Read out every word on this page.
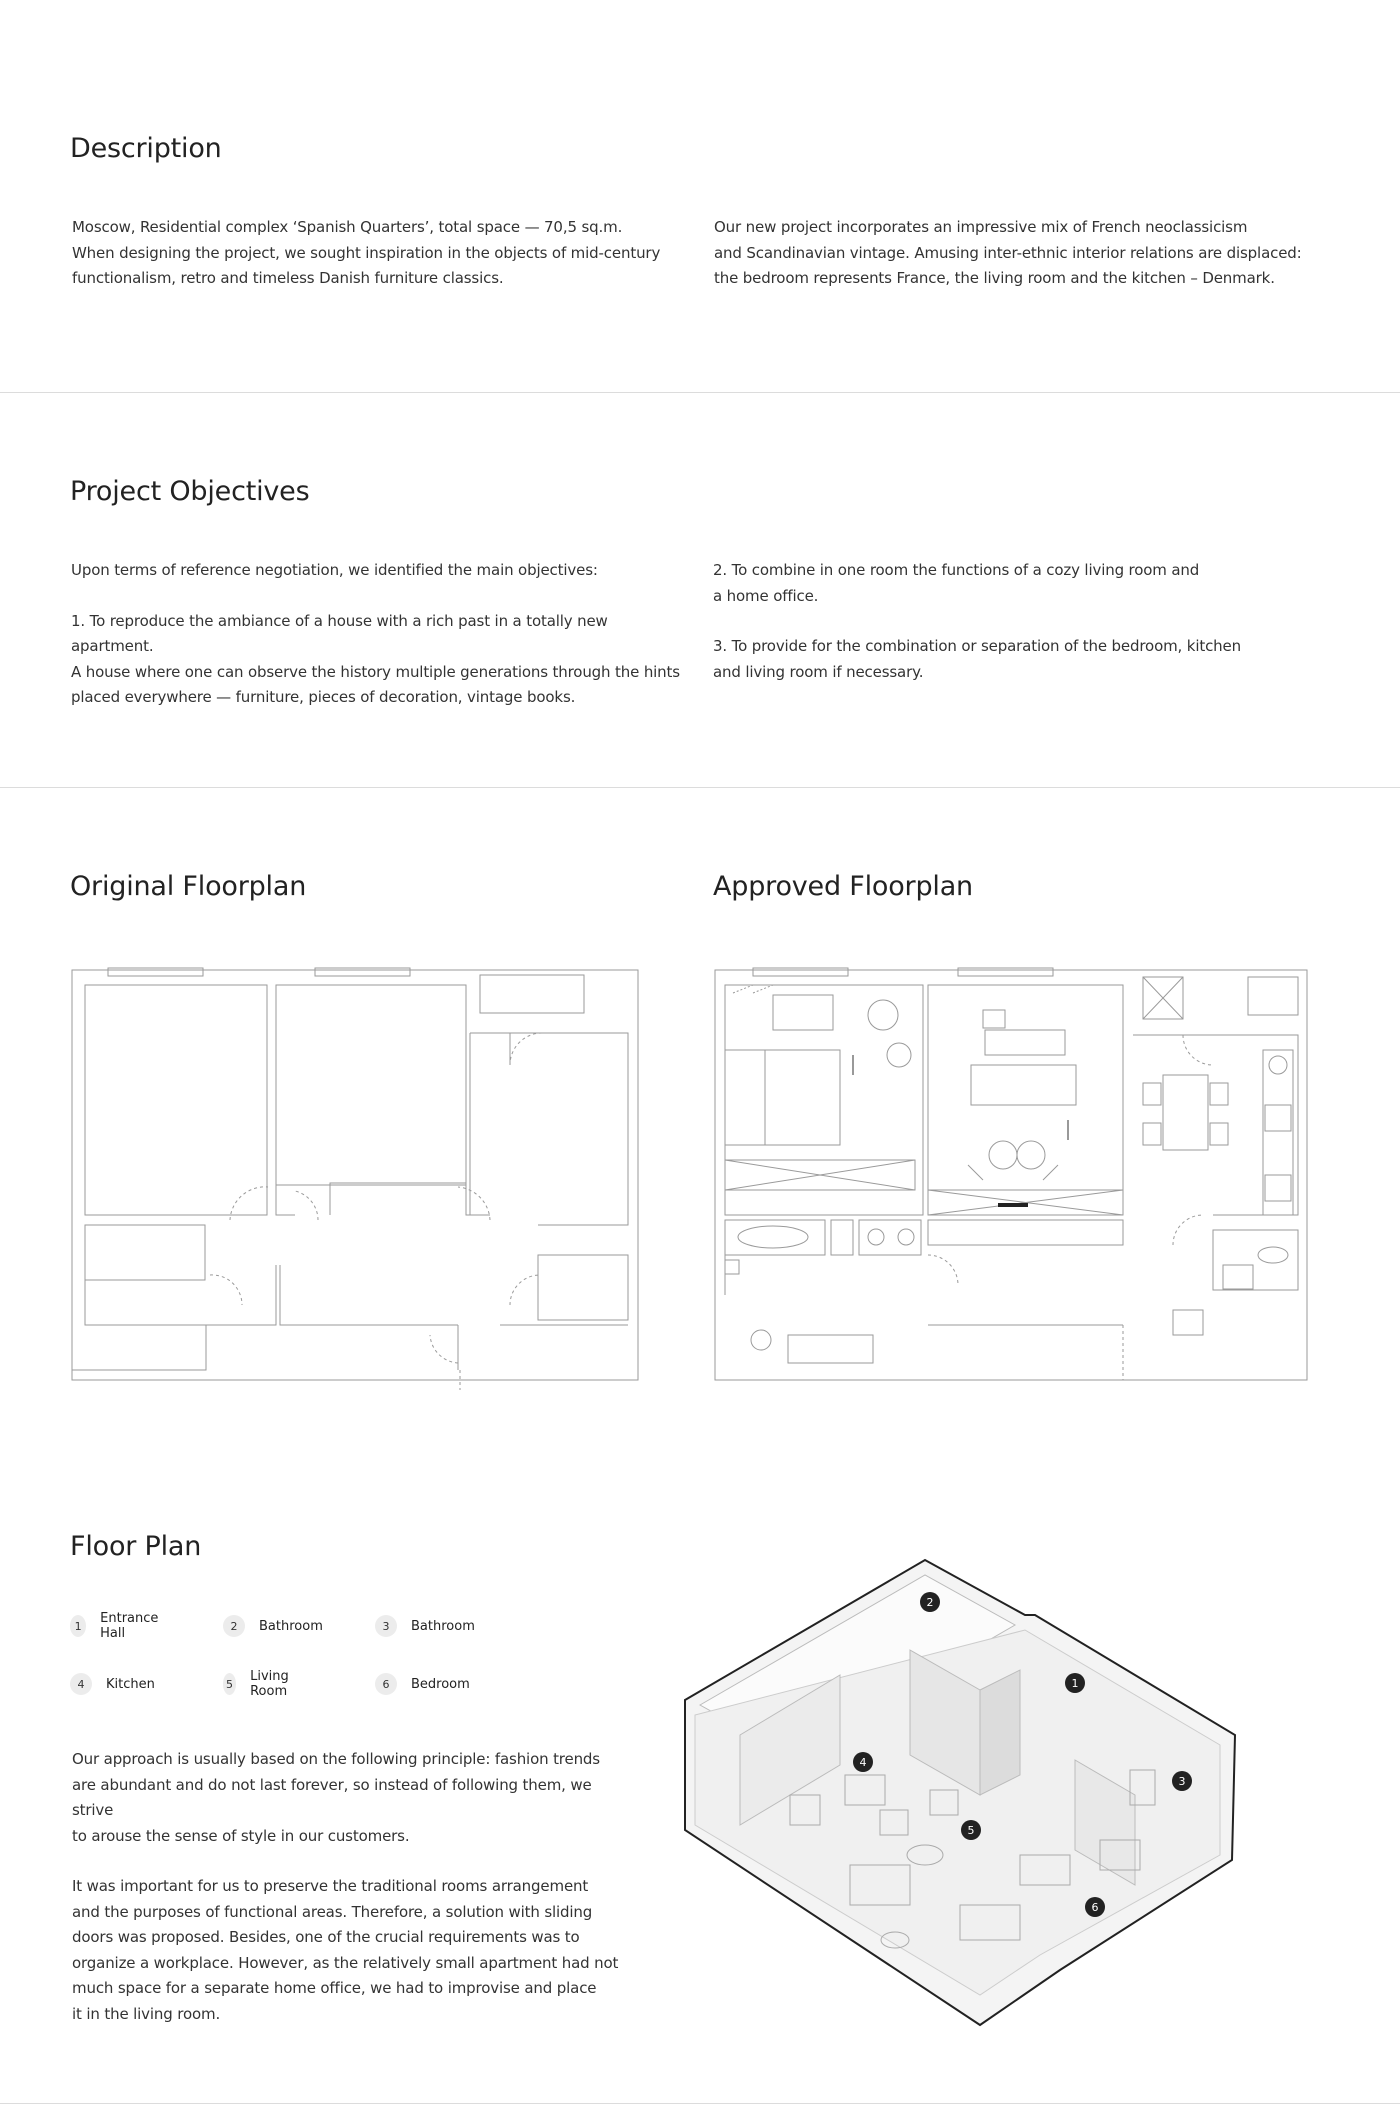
Description

Moscow, Residential complex ‘Spanish Quarters’, total space — 70,5 sq.m.
When designing the project, we sought inspiration in the objects of mid-century
functionalism, retro and timeless Danish furniture classics.

Our new project incorporates an impressive mix of French neoclassicism
and Scandinavian vintage. Amusing inter-ethnic interior relations are displaced:
the bedroom represents France, the living room and the kitchen – Denmark.

Project Objectives

Upon terms of reference negotiation, we identified the main objectives:

1. To reproduce the ambiance of a house with a rich past in a totally new apartment.
A house where one can observe the history multiple generations through the hints
placed everywhere — furniture, pieces of decoration, vintage books.

2. To combine in one room the functions of a cozy living room and
a home office.

3. To provide for the combination or separation of the bedroom, kitchen
and living room if necessary.

Original Floorplan	Approved Floorplan
Floor Plan
1	Entrance Hall	2	Bathroom	3	Bathroom
4	Kitchen	5 Living Room	6	Bedroom

Our approach is usually based on the following principle: fashion trends
are abundant and do not last forever, so instead of following them, we strive
to arouse the sense of style in our customers.

It was important for us to preserve the traditional rooms arrangement
and the purposes of functional areas. Therefore, a solution with sliding
doors was proposed. Besides, one of the crucial requirements was to
organize a workplace. However, as the relatively small apartment had not
much space for a separate home office, we had to improvise and place
it in the living room.

1
2
3
4
5
6
